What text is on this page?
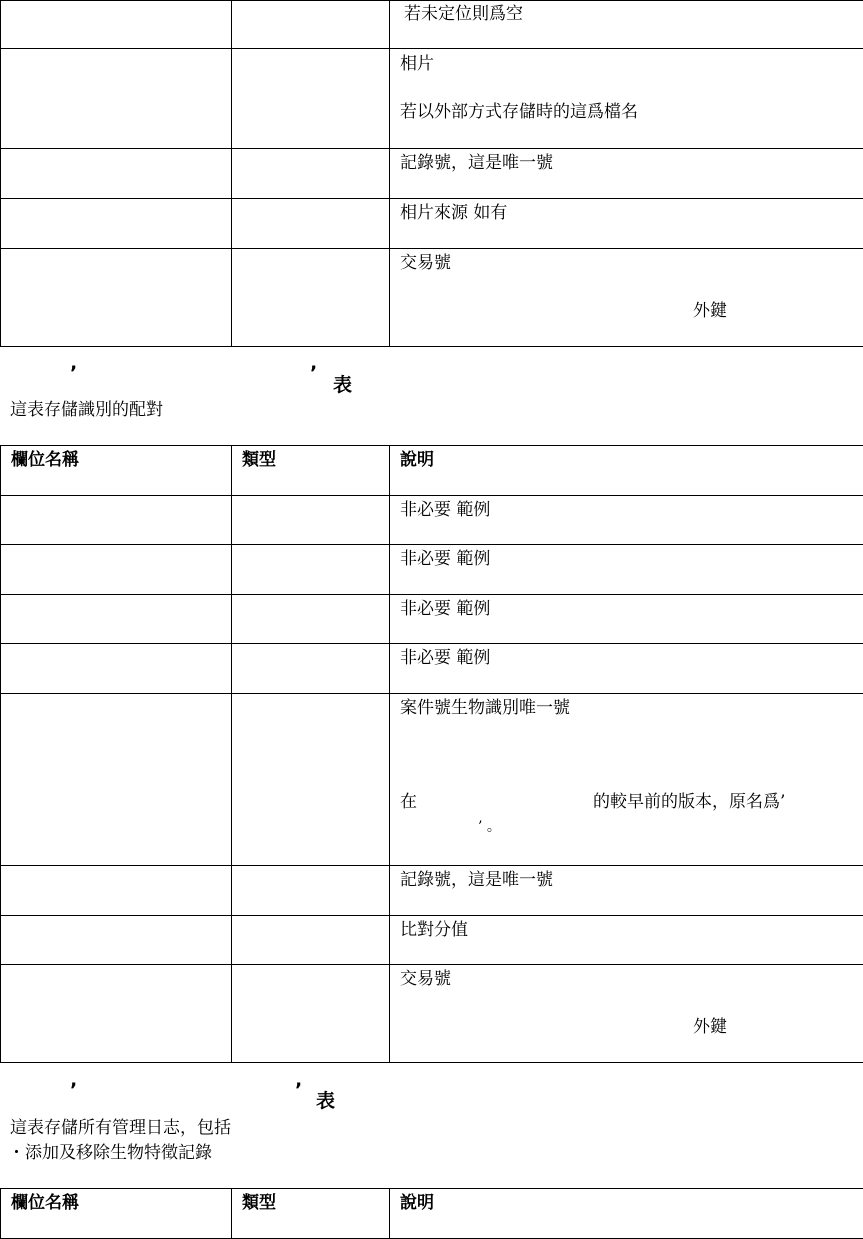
		若未定位則爲空

		相片
若以外部方式存儲時的這爲檔名

		記錄號，這是唯一號

		相片來源 如有

		交易號
外鍵
’	’
表
這表存儲識別的配對
欄位名稱	類型	說明

		非必要 範例

		非必要 範例

		非必要 範例

		非必要 範例

		案件號生物識別唯一號
在 的較早前的版本，原名爲’
’ 。

		記錄號，這是唯一號

		比對分值

		交易號
外鍵
’	’ 表
這表存儲所有管理日志，包括
・添加及移除生物特徵記錄
欄位名稱	類型	說明
